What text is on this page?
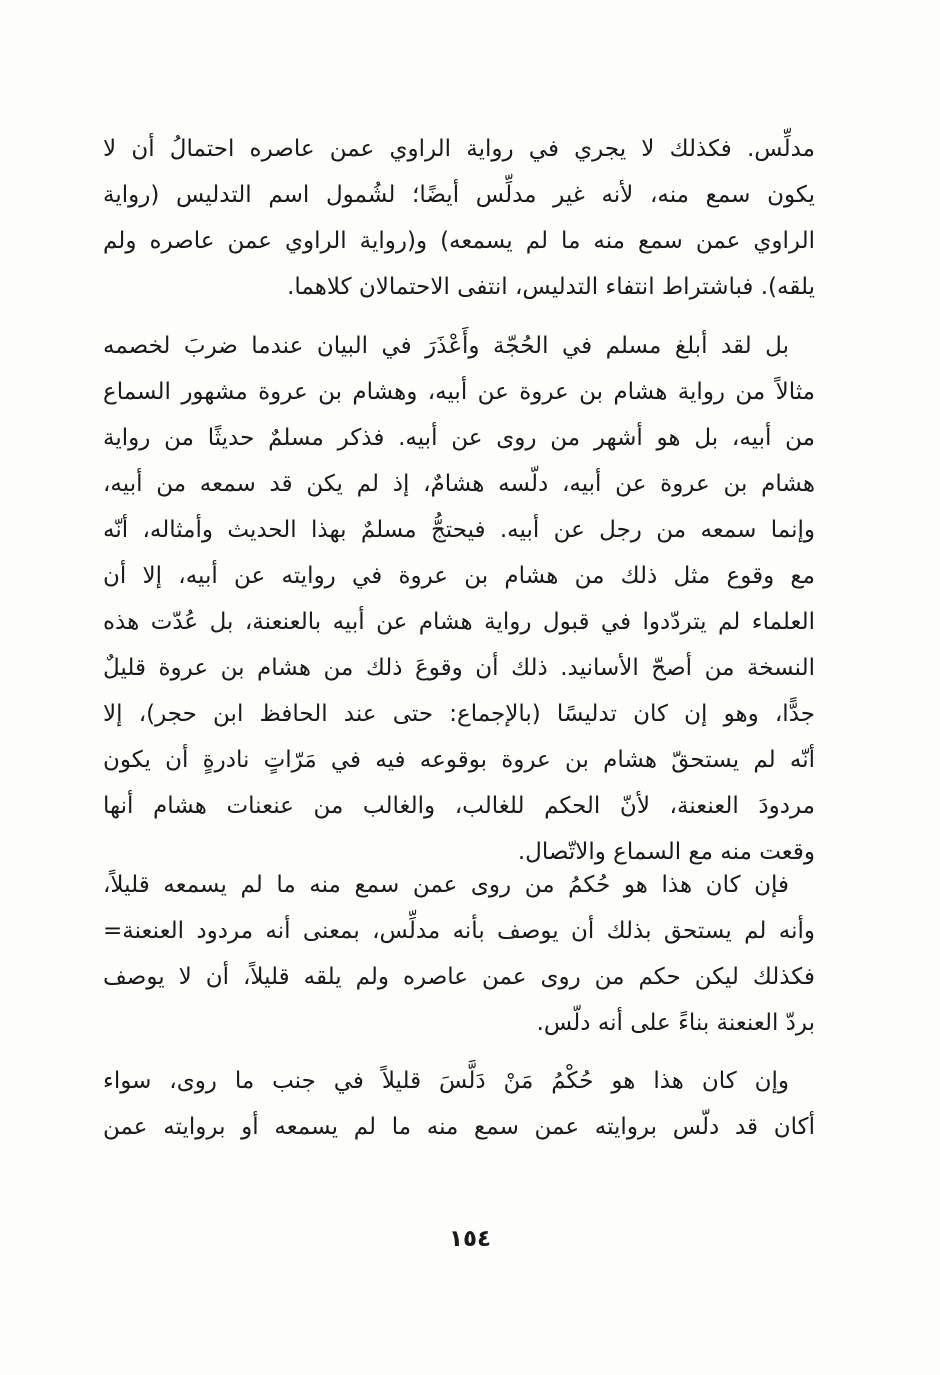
مدلِّس. فكذلك لا يجري في رواية الراوي عمن عاصره احتمالُ أن لا
يكون سمع منه، لأنه غير مدلِّس أيضًا؛ لشُمول اسم التدليس (رواية
الراوي عمن سمع منه ما لم يسمعه) و(رواية الراوي عمن عاصره ولم
يلقه). فباشتراط انتفاء التدليس، انتفى الاحتمالان كلاهما.
بل لقد أبلغ مسلم في الحُجّة وأَعْذَرَ في البيان عندما ضربَ لخصمه
مثالاً من رواية هشام بن عروة عن أبيه، وهشام بن عروة مشهور السماع
من أبيه، بل هو أشهر من روى عن أبيه. فذكر مسلمٌ حديثًا من رواية
هشام بن عروة عن أبيه، دلّسه هشامٌ، إذ لم يكن قد سمعه من أبيه،
وإنما سمعه من رجل عن أبيه. فيحتجُّ مسلمٌ بهذا الحديث وأمثاله، أنّه
مع وقوع مثل ذلك من هشام بن عروة في روايته عن أبيه، إلا أن
العلماء لم يتردّدوا في قبول رواية هشام عن أبيه بالعنعنة، بل عُدّت هذه
النسخة من أصحّ الأسانيد. ذلك أن وقوعَ ذلك من هشام بن عروة قليلٌ
جدًّا، وهو إن كان تدليسًا (بالإجماع: حتى عند الحافظ ابن حجر)، إلا
أنّه لم يستحقّ هشام بن عروة بوقوعه فيه في مَرّاتٍ نادرةٍ أن يكون
مردودَ العنعنة، لأنّ الحكم للغالب، والغالب من عنعنات هشام أنها
وقعت منه مع السماع والاتّصال.
فإن كان هذا هو حُكمُ من روى عمن سمع منه ما لم يسمعه قليلاً،
وأنه لم يستحق بذلك أن يوصف بأنه مدلِّس، بمعنى أنه مردود العنعنة=
فكذلك ليكن حكم من روى عمن عاصره ولم يلقه قليلاً، أن لا يوصف
بردّ العنعنة بناءً على أنه دلّس.
وإن كان هذا هو حُكْمُ مَنْ دَلَّسَ قليلاً في جنب ما روى، سواء
أكان قد دلّس بروايته عمن سمع منه ما لم يسمعه أو بروايته عمن
١٥٤
